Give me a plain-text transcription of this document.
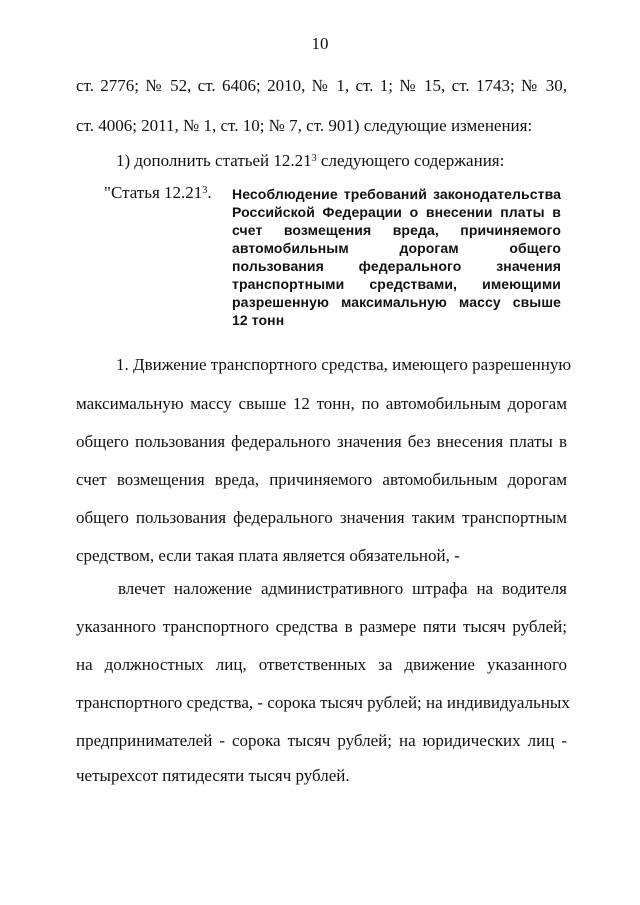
10
ст. 2776; № 52, ст. 6406; 2010, № 1, ст. 1; № 15, ст. 1743; № 30,
ст. 4006; 2011, № 1, ст. 10; № 7, ст. 901) следующие изменения:
1) дополнить статьей 12.21$^3$ следующего содержания:
"Статья 12.21$^3$. Несоблюдение требований законодательства
Российской Федерации о внесении платы в
счет возмещения вреда, причиняемого
автомобильным дорогам общего
пользования федерального значения
транспортными средствами, имеющими
разрешенную максимальную массу свыше
12 тонн
1. Движение транспортного средства, имеющего разрешенную
максимальную массу свыше 12 тонн, по автомобильным дорогам
общего пользования федерального значения без внесения платы в
счет возмещения вреда, причиняемого автомобильным дорогам
общего пользования федерального значения таким транспортным
средством, если такая плата является обязательной, -
влечет наложение административного штрафа на водителя
указанного транспортного средства в размере пяти тысяч рублей;
на должностных лиц, ответственных за движение указанного
транспортного средства, - сорока тысяч рублей; на индивидуальных
предпринимателей - сорока тысяч рублей; на юридических лиц -
четырехсот пятидесяти тысяч рублей.
